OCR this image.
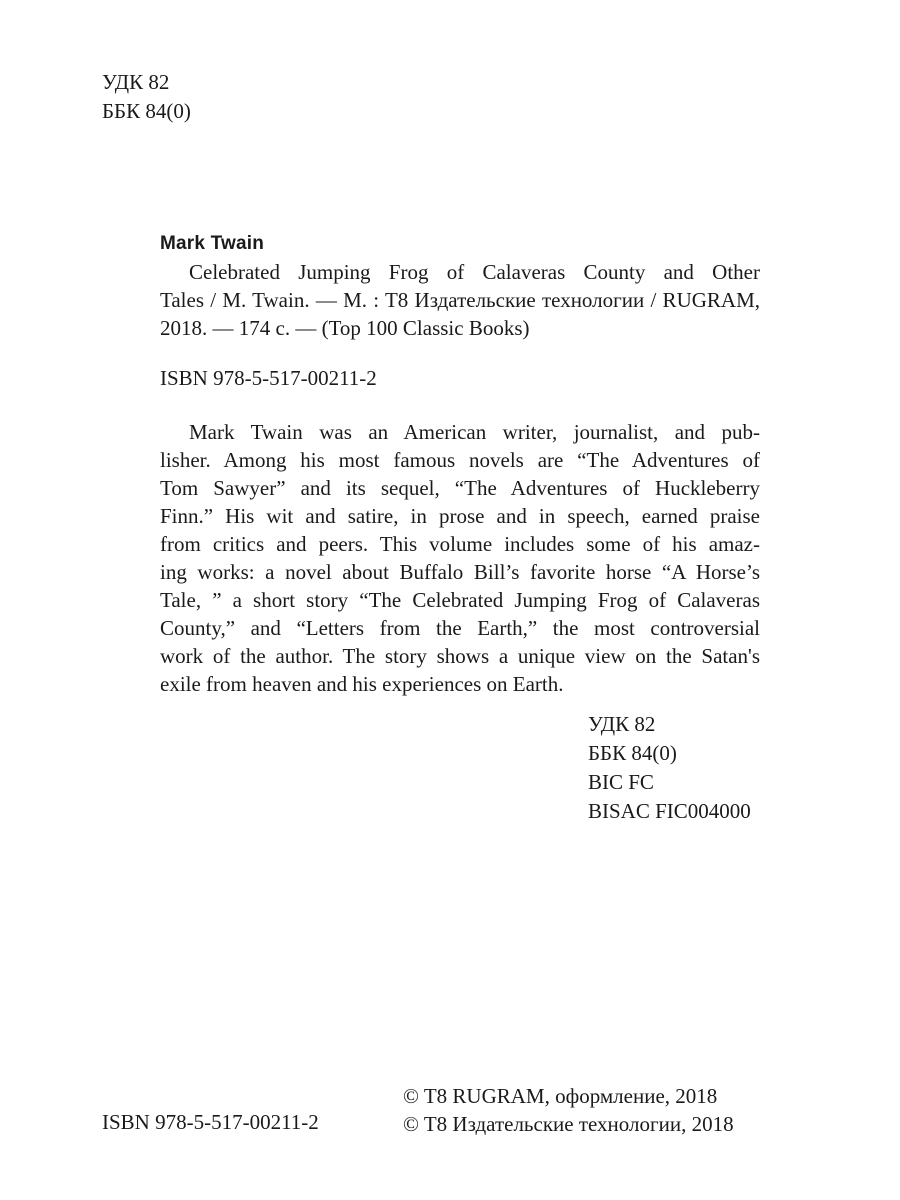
УДК 82
ББК 84(0)
Mark Twain
Celebrated Jumping Frog of Calaveras County and Other
Tales / M. Twain. — M. : T8 Издательские технологии / RUGRAM,
2018. — 174 c. — (Top 100 Classic Books)
ISBN 978-5-517-00211-2
Mark Twain was an American writer, journalist, and pub-
lisher. Among his most famous novels are “The Adventures of
Tom Sawyer” and its sequel, “The Adventures of Huckleberry
Finn.” His wit and satire, in prose and in speech, earned praise
from critics and peers. This volume includes some of his amaz-
ing works: a novel about Buffalo Bill’s favorite horse “A Horse’s
Tale, ” a short story “The Celebrated Jumping Frog of Calaveras
County,” and “Letters from the Earth,” the most controversial
work of the author. The story shows a unique view on the Satan's
exile from heaven and his experiences on Earth.
УДК 82
ББК 84(0)
BIC FC
BISAC FIC004000
ISBN 978-5-517-00211-2
© T8 RUGRAM, оформление, 2018
© T8 Издательские технологии, 2018
